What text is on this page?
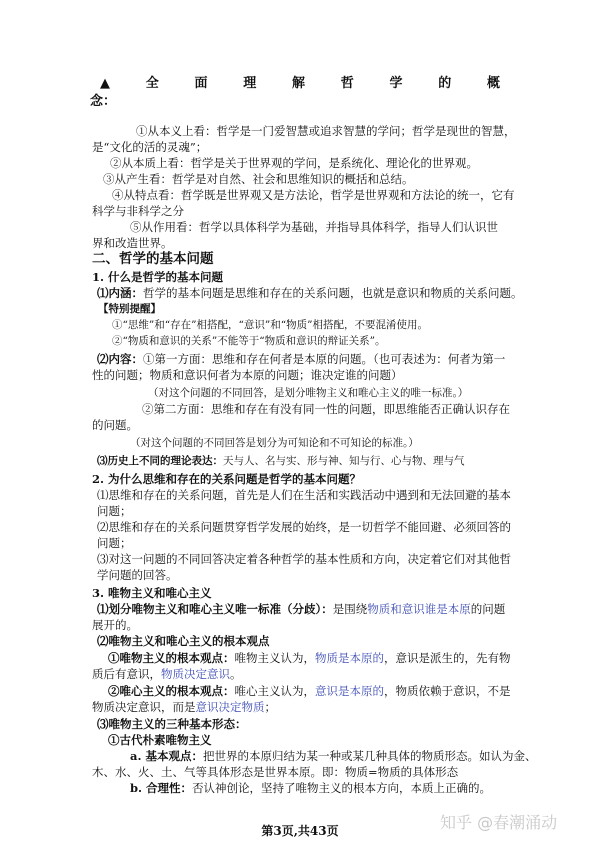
▲	全	面	理	解	哲	学	的	概
念：
①从本义上看：哲学是一门爱智慧或追求智慧的学问；哲学是现世的智慧，
是“文化的活的灵魂”；
②从本质上看：哲学是关于世界观的学问，是系统化、理论化的世界观。
③从产生看：哲学是对自然、社会和思维知识的概括和总结。
④从特点看：哲学既是世界观又是方法论，哲学是世界观和方法论的统一，它有
科学与非科学之分
⑤从作用看：哲学以具体科学为基础，并指导具体科学，指导人们认识世
界和改造世界。
二、哲学的基本问题
1. 什么是哲学的基本问题
⑴内涵：哲学的基本问题是思维和存在的关系问题，也就是意识和物质的关系问题。
【特别提醒】
①“思维”和“存在”相搭配，“意识”和“物质”相搭配，不要混淆使用。
②“物质和意识的关系”不能等于“物质和意识的辩证关系”。
⑵内容：①第一方面：思维和存在何者是本原的问题。（也可表述为：何者为第一
性的问题；物质和意识何者为本原的问题；谁决定谁的问题）
（对这个问题的不同回答，是划分唯物主义和唯心主义的唯一标准。）
②第二方面：思维和存在有没有同一性的问题，即思维能否正确认识存在
的问题。
（对这个问题的不同回答是划分为可知论和不可知论的标准。）
⑶历史上不同的理论表达：天与人、名与实、形与神、知与行、心与物、理与气
2. 为什么思维和存在的关系问题是哲学的基本问题？
⑴思维和存在的关系问题，首先是人们在生活和实践活动中遇到和无法回避的基本
问题；
⑵思维和存在的关系问题贯穿哲学发展的始终，是一切哲学不能回避、必须回答的
问题；
⑶对这一问题的不同回答决定着各种哲学的基本性质和方向，决定着它们对其他哲
学问题的回答。
3. 唯物主义和唯心主义
⑴划分唯物主义和唯心主义唯一标准（分歧）：是围绕物质和意识谁是本原的问题
展开的。
⑵唯物主义和唯心主义的根本观点
①唯物主义的根本观点：唯物主义认为，物质是本原的，意识是派生的，先有物
质后有意识，物质决定意识。
②唯心主义的根本观点：唯心主义认为，意识是本原的，物质依赖于意识，不是
物质决定意识，而是意识决定物质；
⑶唯物主义的三种基本形态：
①古代朴素唯物主义
a. 基本观点：把世界的本原归结为某一种或某几种具体的物质形态。如认为金、
木、水、火、土、气等具体形态是世界本原。即：物质=物质的具体形态
b. 合理性：否认神创论，坚持了唯物主义的根本方向，本质上正确的。
知乎 @春潮涌动
第3页,共43页
